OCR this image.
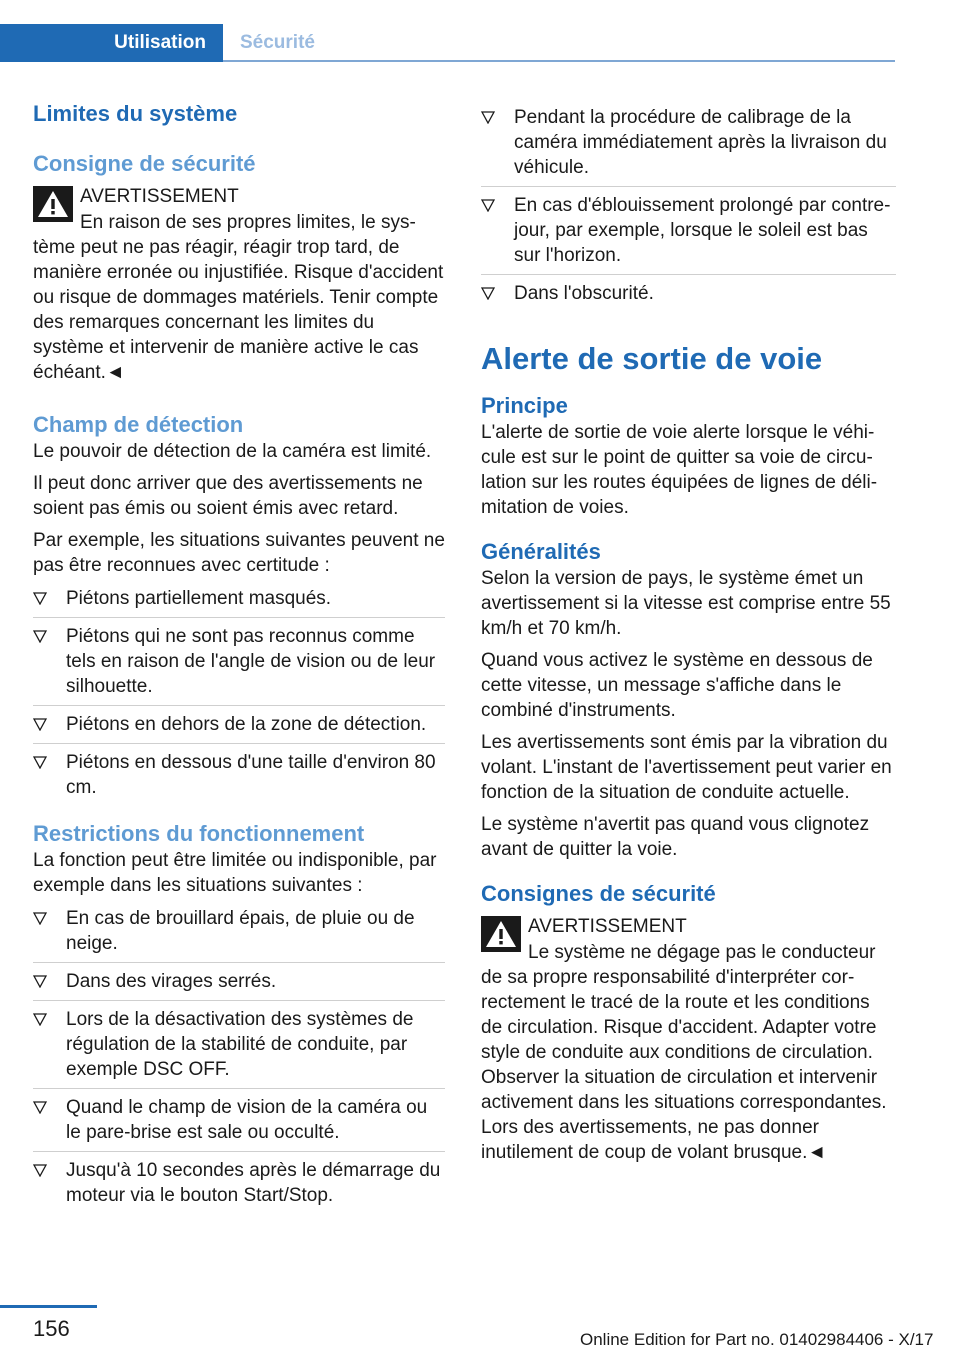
Utilisation	Sécurité
Limites du système
Consigne de sécurité
AVERTISSEMENT

En raison de ses propres limites, le système peut ne pas réagir, réagir trop tard, de manière erronée ou injustifiée. Risque d'accident ou risque de dommages matériels. Tenir compte des remarques concernant les limites du système et intervenir de manière active le cas échéant.◄

Champ de détection

Le pouvoir de détection de la caméra est limité.

Il peut donc arriver que des avertissements ne soient pas émis ou soient émis avec retard.

Par exemple, les situations suivantes peuvent ne pas être reconnues avec certitude :

Piétons partiellement masqués.
Piétons qui ne sont pas reconnus comme tels en raison de l'angle de vision ou de leur silhouette.
Piétons en dehors de la zone de détection.
Piétons en dessous d'une taille d'environ 80 cm.
Restrictions du fonctionnement

La fonction peut être limitée ou indisponible, par exemple dans les situations suivantes :

En cas de brouillard épais, de pluie ou de neige.
Dans des virages serrés.
Lors de la désactivation des systèmes de régulation de la stabilité de conduite, par exemple DSC OFF.
Quand le champ de vision de la caméra ou le pare-brise est sale ou occulté.
Jusqu'à 10 secondes après le démarrage du moteur via le bouton Start/Stop.
Pendant la procédure de calibrage de la caméra immédiatement après la livraison du véhicule.
En cas d'éblouissement prolongé par contre-jour, par exemple, lorsque le soleil est bas sur l'horizon.
Dans l'obscurité.
Alerte de sortie de voie
Principe

L'alerte de sortie de voie alerte lorsque le véhicule est sur le point de quitter sa voie de circulation sur les routes équipées de lignes de délimitation de voies.

Généralités

Selon la version de pays, le système émet un avertissement si la vitesse est comprise entre 55 km/h et 70 km/h.

Quand vous activez le système en dessous de cette vitesse, un message s'affiche dans le combiné d'instruments.

Les avertissements sont émis par la vibration du volant. L'instant de l'avertissement peut varier en fonction de la situation de conduite actuelle.

Le système n'avertit pas quand vous clignotez avant de quitter la voie.

Consignes de sécurité
AVERTISSEMENT

Le système ne dégage pas le conducteur de sa propre responsabilité d'interpréter correctement le tracé de la route et les conditions de circulation. Risque d'accident. Adapter votre style de conduite aux conditions de circulation. Observer la situation de circulation et intervenir activement dans les situations correspondantes. Lors des avertissements, ne pas donner inutilement de coup de volant brusque.◄

156	Online Edition for Part no. 01402984406 - X/17
